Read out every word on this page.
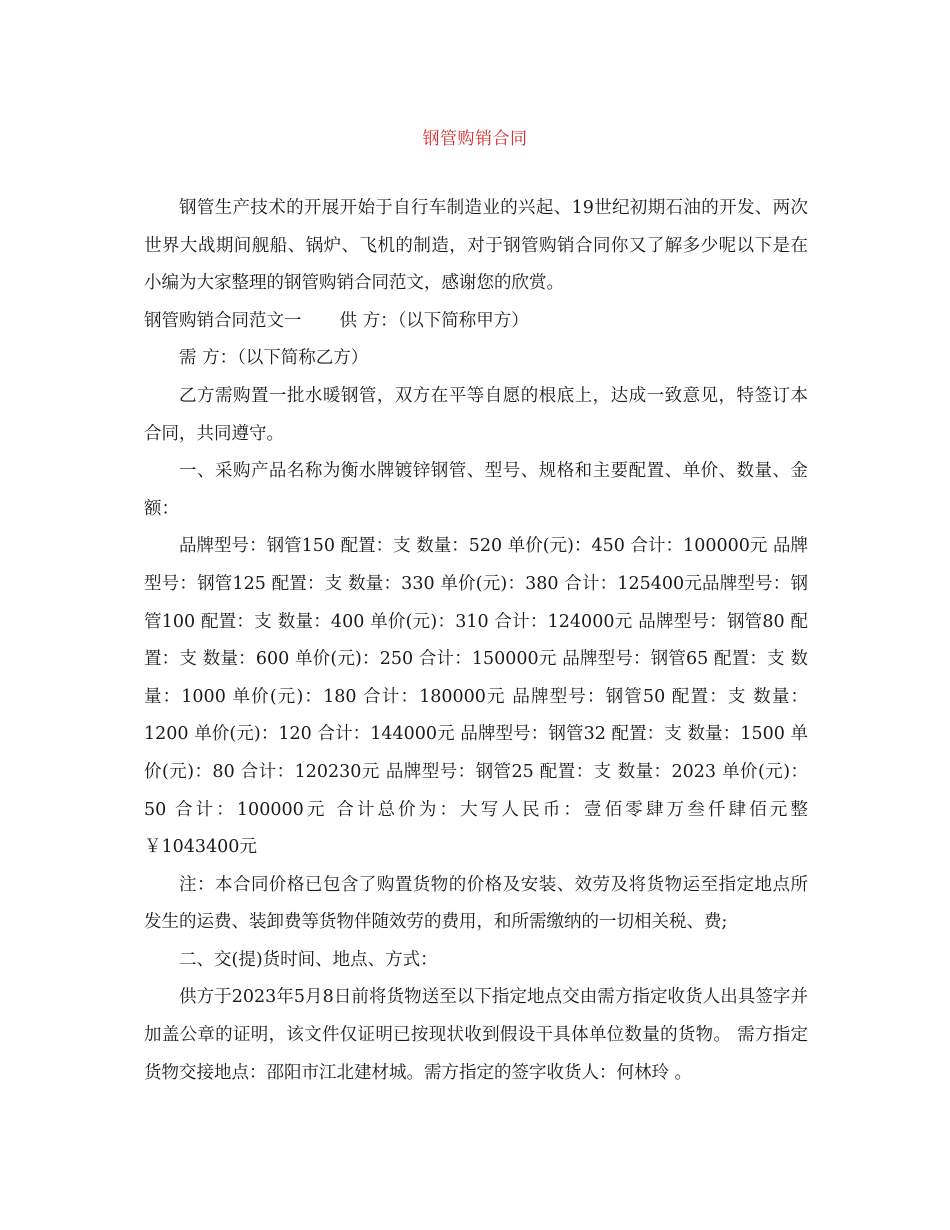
钢管购销合同

钢管生产技术的开展开始于自行车制造业的兴起、19世纪初期石油的开发、两次世界大战期间舰船、锅炉、飞机的制造，对于钢管购销合同你又了解多少呢以下是在小编为大家整理的钢管购销合同范文，感谢您的欣赏。

钢管购销合同范文一 供 方：（以下简称甲方）

需 方：（以下简称乙方）

乙方需购置一批水暖钢管，双方在平等自愿的根底上，达成一致意见，特签订本合同，共同遵守。

一、采购产品名称为衡水牌镀锌钢管、型号、规格和主要配置、单价、数量、金额：

品牌型号：钢管150 配置：支 数量：520 单价(元)：450 合计：100000元 品牌型号：钢管125 配置：支 数量：330 单价(元)：380 合计：125400元品牌型号：钢管100 配置：支 数量：400 单价(元)：310 合计：124000元 品牌型号：钢管80 配置：支 数量：600 单价(元)：250 合计：150000元 品牌型号：钢管65 配置：支 数量：1000 单价(元)：180 合计：180000元 品牌型号：钢管50 配置：支 数量：1200 单价(元)：120 合计：144000元 品牌型号：钢管32 配置：支 数量：1500 单价(元)：80 合计：120230元 品牌型号：钢管25 配置：支 数量：2023 单价(元)：50 合计：100000元 合计总价为：大写人民币：壹佰零肆万叁仟肆佰元整 ￥1043400元

注：本合同价格已包含了购置货物的价格及安装、效劳及将货物运至指定地点所发生的运费、装卸费等货物伴随效劳的费用，和所需缴纳的一切相关税、费;

二、交(提)货时间、地点、方式：

供方于2023年5月8日前将货物送至以下指定地点交由需方指定收货人出具签字并加盖公章的证明，该文件仅证明已按现状收到假设干具体单位数量的货物。 需方指定货物交接地点：邵阳市江北建材城。需方指定的签字收货人：何林玲 。
